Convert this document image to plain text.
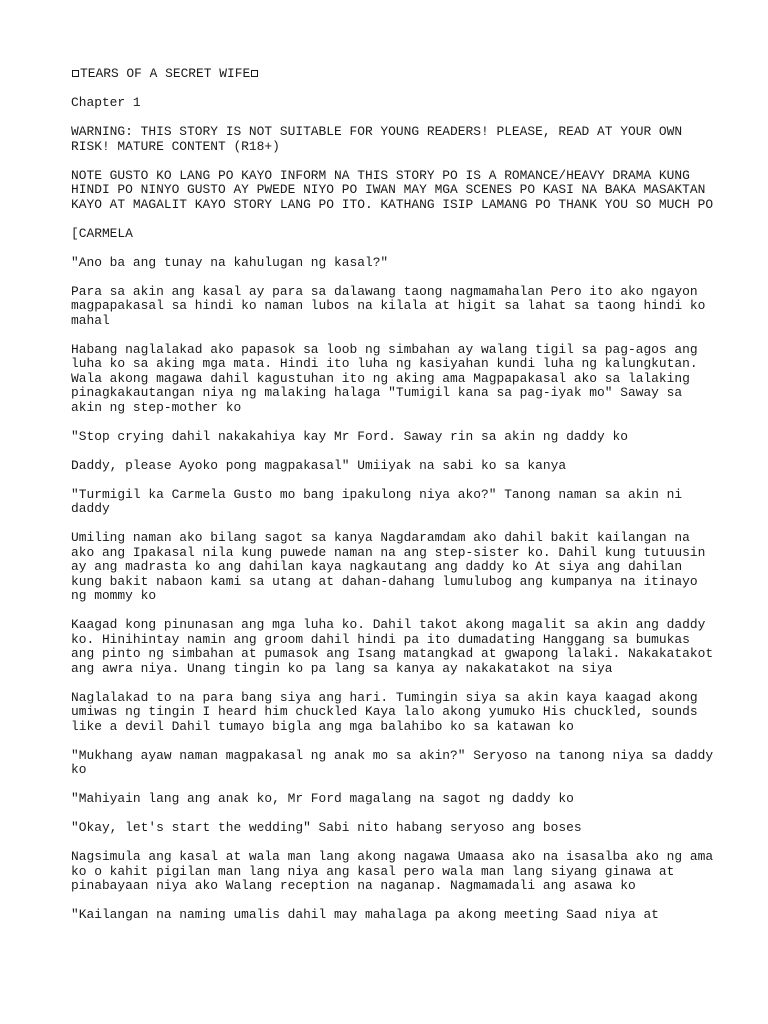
TEARS OF A SECRET WIFE

Chapter 1

WARNING: THIS STORY IS NOT SUITABLE FOR YOUNG READERS! PLEASE, READ AT YOUR OWN
RISK! MATURE CONTENT (R18+)

NOTE GUSTO KO LANG PO KAYO INFORM NA THIS STORY PO IS A ROMANCE/HEAVY DRAMA KUNG
HINDI PO NINYO GUSTO AY PWEDE NIYO PO IWAN MAY MGA SCENES PO KASI NA BAKA MASAKTAN
KAYO AT MAGALIT KAYO STORY LANG PO ITO. KATHANG ISIP LAMANG PO THANK YOU SO MUCH PO

[CARMELA

"Ano ba ang tunay na kahulugan ng kasal?"

Para sa akin ang kasal ay para sa dalawang taong nagmamahalan Pero ito ako ngayon
magpapakasal sa hindi ko naman lubos na kilala at higit sa lahat sa taong hindi ko
mahal

Habang naglalakad ako papasok sa loob ng simbahan ay walang tigil sa pag-agos ang
luha ko sa aking mga mata. Hindi ito luha ng kasiyahan kundi luha ng kalungkutan.
Wala akong magawa dahil kagustuhan ito ng aking ama Magpapakasal ako sa lalaking
pinagkakautangan niya ng malaking halaga "Tumigil kana sa pag-iyak mo" Saway sa
akin ng step-mother ko

"Stop crying dahil nakakahiya kay Mr Ford. Saway rin sa akin ng daddy ko

Daddy, please Ayoko pong magpakasal" Umiiyak na sabi ko sa kanya

"Turmigil ka Carmela Gusto mo bang ipakulong niya ako?" Tanong naman sa akin ni
daddy

Umiling naman ako bilang sagot sa kanya Nagdaramdam ako dahil bakit kailangan na
ako ang Ipakasal nila kung puwede naman na ang step-sister ko. Dahil kung tutuusin
ay ang madrasta ko ang dahilan kaya nagkautang ang daddy ko At siya ang dahilan
kung bakit nabaon kami sa utang at dahan-dahang lumulubog ang kumpanya na itinayo
ng mommy ko

Kaagad kong pinunasan ang mga luha ko. Dahil takot akong magalit sa akin ang daddy
ko. Hinihintay namin ang groom dahil hindi pa ito dumadating Hanggang sa bumukas
ang pinto ng simbahan at pumasok ang Isang matangkad at gwapong lalaki. Nakakatakot
ang awra niya. Unang tingin ko pa lang sa kanya ay nakakatakot na siya

Naglalakad to na para bang siya ang hari. Tumingin siya sa akin kaya kaagad akong
umiwas ng tingin I heard him chuckled Kaya lalo akong yumuko His chuckled, sounds
like a devil Dahil tumayo bigla ang mga balahibo ko sa katawan ko

"Mukhang ayaw naman magpakasal ng anak mo sa akin?" Seryoso na tanong niya sa daddy
ko

"Mahiyain lang ang anak ko, Mr Ford magalang na sagot ng daddy ko

"Okay, let's start the wedding" Sabi nito habang seryoso ang boses

Nagsimula ang kasal at wala man lang akong nagawa Umaasa ako na isasalba ako ng ama
ko o kahit pigilan man lang niya ang kasal pero wala man lang siyang ginawa at
pinabayaan niya ako Walang reception na naganap. Nagmamadali ang asawa ko

"Kailangan na naming umalis dahil may mahalaga pa akong meeting Saad niya at
